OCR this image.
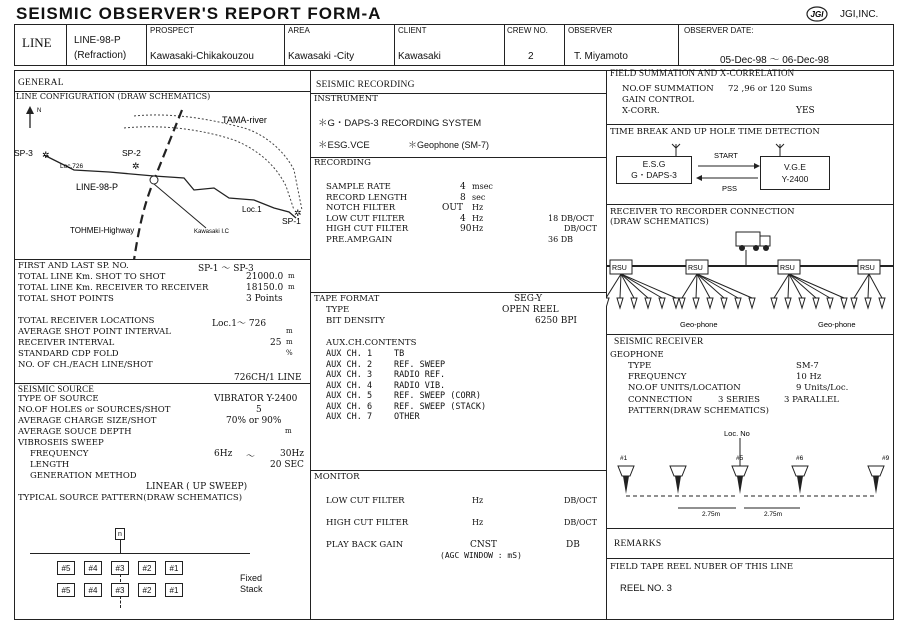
SEISMIC OBSERVER'S REPORT FORM-A	JGI JGI,INC.
LINE LINE-98-P
(Refraction)
PROSPECT
Kawasaki-Chikakouzou
AREA
Kawasaki -City
CLIENT
Kawasaki
CREW NO.
2
OBSERVER
T. Miyamoto
OBSERVER DATE:
05-Dec-98 ～ 06-Dec-98
GENERAL
LINE CONFIGURATION (DRAW SCHEMATICS)
N
TAMA-river
SP-3 ✲
Loc.726
SP-2
✲
LINE-98-P
Loc.1
SP-1
✲
TOHMEI-Highway	Kawasaki I.C
FIRST AND LAST SP. NO.	SP-1 ～ SP-3
TOTAL LINE Km. SHOT TO SHOT	21000.0 m
TOTAL LINE Km. RECEIVER TO RECEIVER	18150.0 m
TOTAL SHOT POINTS	3 Points
TOTAL RECEIVER LOCATIONS	Loc.1～ 726
AVERAGE SHOT POINT INTERVAL	m
RECEIVER INTERVAL	25 m
STANDARD CDP FOLD	%
NO. OF CH./EACH LINE/SHOT
726CH/1 LINE
SEISMIC SOURCE
TYPE OF SOURCE	VIBRATOR Y-2400
NO.OF HOLES or SOURCES/SHOT	5
AVERAGE CHARGE SIZE/SHOT	70% or 90%
AVERAGE SOUCE DEPTH	m
VIBROSEIS SWEEP
FREQUENCY	6Hz ～	30Hz
LENGTH	20 SEC
GENERATION METHOD
LINEAR ( UP SWEEP)
TYPICAL SOURCE PATTERN(DRAW SCHEMATICS)
n
#5	#4	#3	#2	#1
#5	#4	#3	#2	#1
Fixed
Stack
SEISMIC RECORDING
INSTRUMENT
＊G・DAPS-3 RECORDING SYSTEM
＊ESG.VCE	＊Geophone (SM-7)
RECORDING
SAMPLE RATE	4 msec
RECORD LENGTH	8 sec
NOTCH FILTER	OUT Hz
LOW CUT FILTER	4 Hz	18 DB/OCT
HIGH CUT FILTER	90 Hz	DB/OCT
PRE.AMP.GAIN	36 DB
TAPE FORMAT	SEG-Y
TYPE	OPEN REEL
BIT DENSITY	6250 BPI
AUX.CH.CONTENTS
AUX CH. 1	TB
AUX CH. 2	REF. SWEEP
AUX CH. 3	RADIO REF.
AUX CH. 4	RADIO VIB.
AUX CH. 5	REF. SWEEP (CORR)
AUX CH. 6	REF. SWEEP (STACK)
AUX CH. 7	OTHER
MONITOR
LOW CUT FILTER	Hz	DB/OCT
HIGH CUT FILTER	Hz	DB/OCT
PLAY BACK GAIN	CNST	DB
(AGC WINDOW : mS)
FIELD SUMMATION AND X-CORRELATION
NO.OF SUMMATION 72 ,96 or 120 Sums
GAIN CONTROL
X-CORR.	YES
TIME BREAK AND UP HOLE TIME DETECTION
START
PSS
E.S.G
G・DAPS-3
V.G.E
Y-2400
RECEIVER TO RECORDER CONNECTION
(DRAW SCHEMATICS)
RSU	RSU	RSU	RSU
Geo-phone	Geo-phone
SEISMIC RECEIVER
GEOPHONE
TYPE	SM-7
FREQUENCY	10 Hz
NO.OF UNITS/LOCATION	9 Units/Loc.
CONNECTION	3 SERIES	3 PARALLEL
PATTERN(DRAW SCHEMATICS)
Loc. No
#1	#5	#6	#9
2.75m	2.75m
REMARKS
FIELD TAPE REEL NUBER OF THIS LINE
REEL NO. 3
